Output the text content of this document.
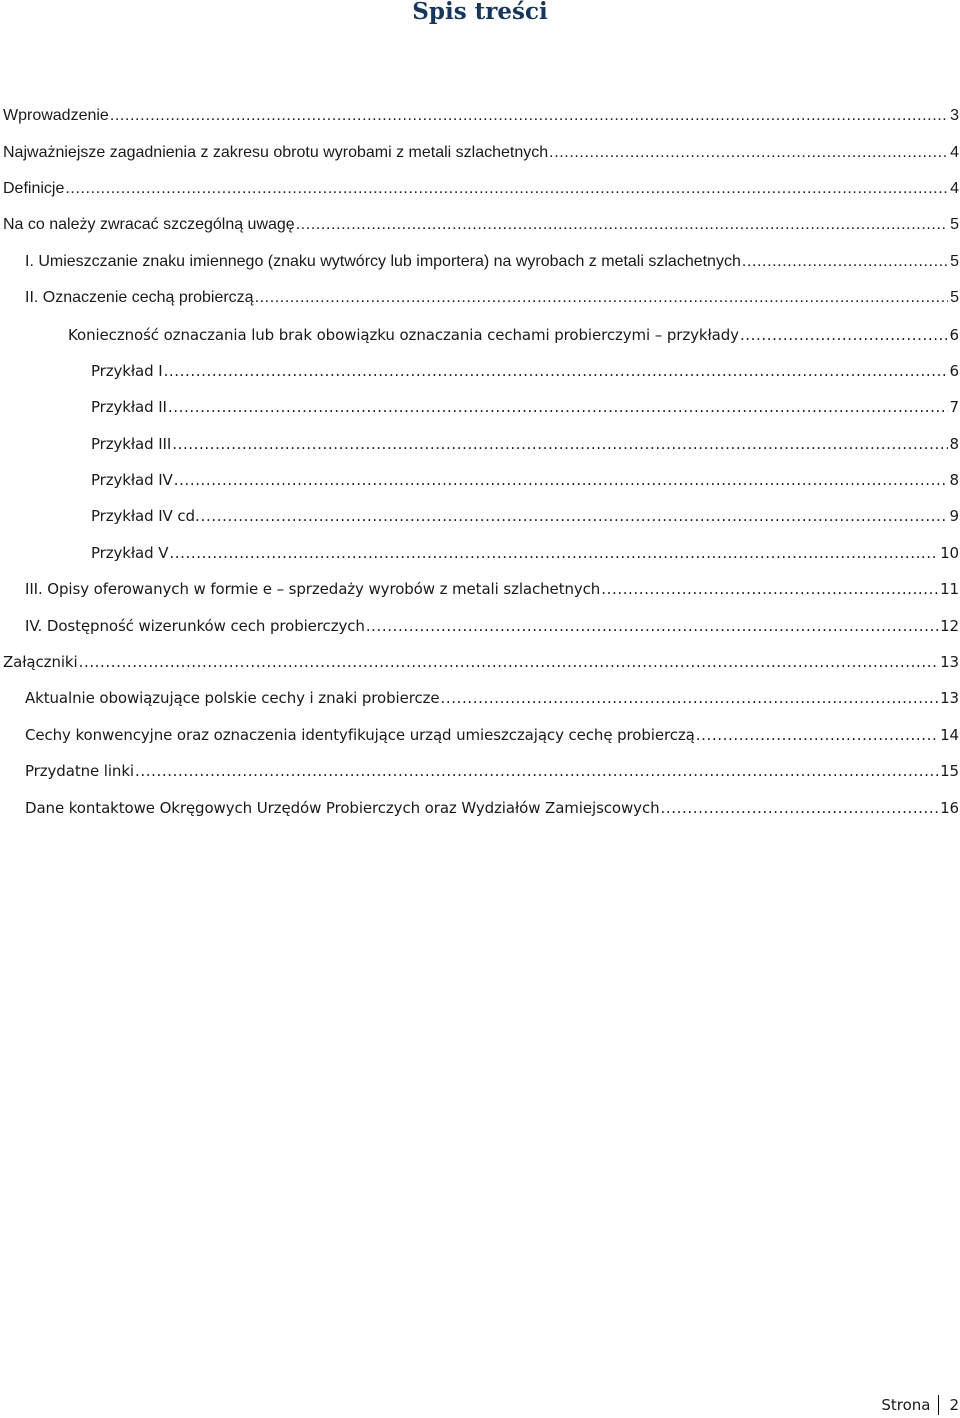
Spis treści
Wprowadzenie .....	3
Najważniejsze zagadnienia z zakresu obrotu wyrobami z metali szlachetnych .....	4
Definicje .....	4
Na co należy zwracać szczególną uwagę .....	5
I. Umieszczanie znaku imiennego (znaku wytwórcy lub importera) na wyrobach z metali szlachetnych .....	5
II. Oznaczenie cechą probierczą .....	5
Konieczność oznaczania lub brak obowiązku oznaczania cechami probierczymi – przykłady .....	6
Przykład I .....	6
Przykład II .....	7
Przykład III .....	8
Przykład IV .....	8
Przykład IV cd. .....	9
Przykład V .....	10
III. Opisy oferowanych w formie e – sprzedaży wyrobów z metali szlachetnych .....	11
IV. Dostępność wizerunków cech probierczych .....	12
Załączniki .....	13
Aktualnie obowiązujące polskie cechy i znaki probiercze .....	13
Cechy konwencyjne oraz oznaczenia identyfikujące urząd umieszczający cechę probierczą .....	14
Przydatne linki .....	15
Dane kontaktowe Okręgowych Urzędów Probierczych oraz Wydziałów Zamiejscowych .....	16
Strona	2
